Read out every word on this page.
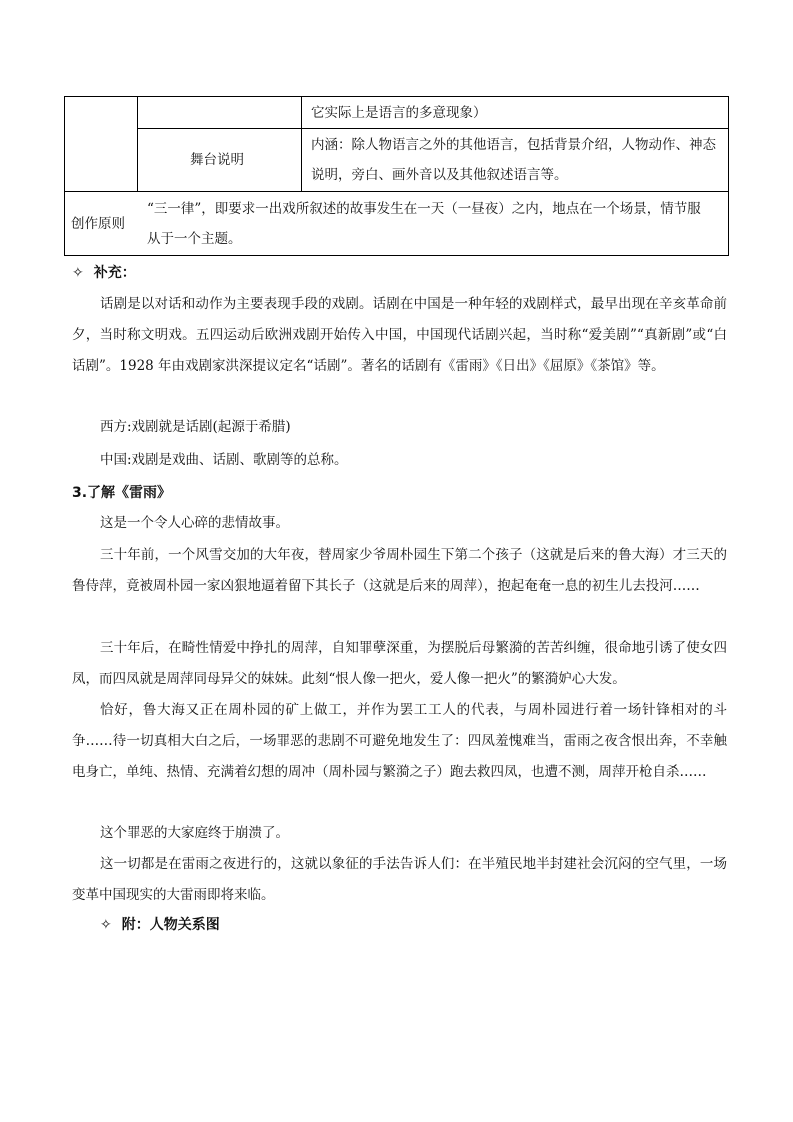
它实际上是语言的多意现象）
舞台说明
内涵：除人物语言之外的其他语言，包括背景介绍，人物动作、神态
说明，旁白、画外音以及其他叙述语言等。
创作原则
“三一律”，即要求一出戏所叙述的故事发生在一天（一昼夜）之内，地点在一个场景，情节服
从于一个主题。
✧ 补充：
话剧是以对话和动作为主要表现手段的戏剧。话剧在中国是一种年轻的戏剧样式，最早出现在辛亥革命前夕，当时称文明戏。五四运动后欧洲戏剧开始传入中国，中国现代话剧兴起，当时称“爱美剧”“真新剧”或“白话剧”。1928 年由戏剧家洪深提议定名“话剧”。著名的话剧有《雷雨》《日出》《屈原》《茶馆》等。
西方:戏剧就是话剧(起源于希腊)
中国:戏剧是戏曲、话剧、歌剧等的总称。
3.了解《雷雨》
这是一个令人心碎的悲情故事。
三十年前，一个风雪交加的大年夜，替周家少爷周朴园生下第二个孩子（这就是后来的鲁大海）才三天的鲁侍萍，竟被周朴园一家凶狠地逼着留下其长子（这就是后来的周萍），抱起奄奄一息的初生儿去投河……
三十年后，在畸性情爱中挣扎的周萍，自知罪孽深重，为摆脱后母繁漪的苦苦纠缠，很命地引诱了使女四凤，而四凤就是周萍同母异父的妹妹。此刻“恨人像一把火，爱人像一把火”的繁漪妒心大发。
恰好，鲁大海又正在周朴园的矿上做工，并作为罢工工人的代表，与周朴园进行着一场针锋相对的斗争……待一切真相大白之后，一场罪恶的悲剧不可避免地发生了：四凤羞愧难当，雷雨之夜含恨出奔，不幸触电身亡，单纯、热情、充满着幻想的周冲（周朴园与繁漪之子）跑去救四凤，也遭不测，周萍开枪自杀……
这个罪恶的大家庭终于崩溃了。
这一切都是在雷雨之夜进行的，这就以象征的手法告诉人们：在半殖民地半封建社会沉闷的空气里，一场变革中国现实的大雷雨即将来临。
✧ 附：人物关系图
